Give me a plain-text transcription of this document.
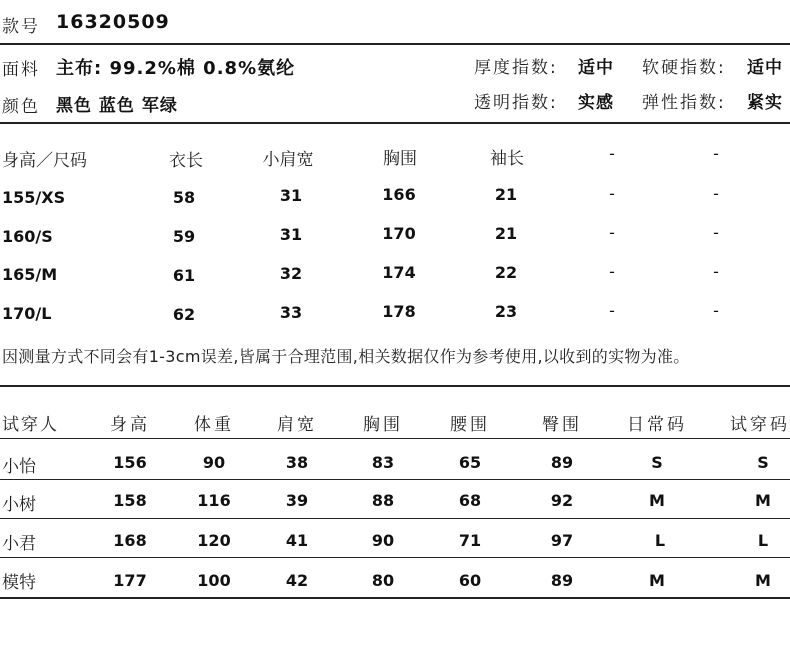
款号 16320509
面料 主布: 99.2%棉 0.8%氨纶
颜色 黑色 蓝色 军绿
厚度指数: 适中 软硬指数: 适中
透明指数: 实感 弹性指数: 紧实
身高／尺码	衣长	小肩宽	胸围	袖长	-	-
155/XS	58	31	166	21	-	-
160/S	59	31	170	21	-	-
165/M	61	32	174	22	-	-
170/L	62	33	178	23	-	-
因测量方式不同会有1-3cm误差,皆属于合理范围,相关数据仅作为参考使用,以收到的实物为准。
试穿人	身高	体重	肩宽	胸围	腰围	臀围	日常码	试穿码
小怡	156	90	38	83	65	89	S	S
小树	158	116	39	88	68	92	M	M
小君	168	120	41	90	71	97	L	L
模特	177	100	42	80	60	89	M	M
